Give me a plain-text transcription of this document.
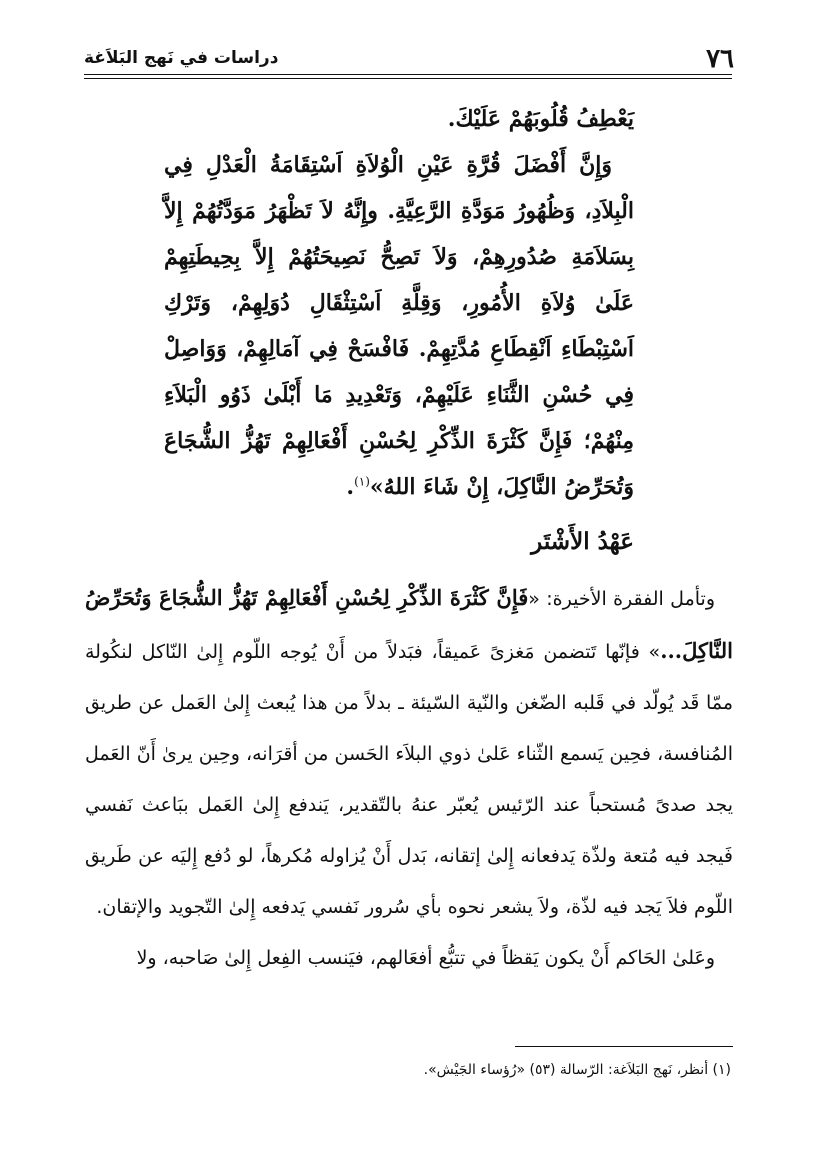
٧٦
دراسات في نَهج البَلاَغة

يَعْطِفُ قُلُوبَهُمْ عَلَيْكَ.

وَإِنَّ أَفْضَلَ قُرَّةِ عَيْنِ الْوُلاَةِ اَسْتِقَامَةُ الْعَدْلِ فِي الْبِلاَدِ، وَظُهُورُ مَوَدَّةِ الرَّعِيَّةِ. وإِنَّهُ لاَ تَظْهَرُ مَوَدَّتُهُمْ إِلاَّ بِسَلاَمَةِ صُدُورِهِمْ، وَلاَ تَصِحُّ نَصِيحَتُهُمْ إِلاَّ بِحِيطَتِهِمْ عَلَىٰ وُلاَةِ الأُمُورِ، وَقِلَّةِ اَسْتِثْقَالِ دُوَلِهِمْ، وَتَرْكِ اَسْتِبْطَاءِ اَنْقِطَاعِ مُدَّتِهِمْ. فَافْسَحْ فِي آمَالِهِمْ، وَوَاصِلْ فِي حُسْنِ الثَّنَاءِ عَلَيْهِمْ، وَتَعْدِيدِ مَا أَبْلَىٰ ذَوُو الْبَلاَءِ مِنْهُمْ؛ فَإِنَّ كَثْرَةَ الذِّكْرِ لِحُسْنِ أَفْعَالِهِمْ تَهُزُّ الشُّجَاعَ وَتُحَرِّضُ النَّاكِلَ، إِنْ شَاءَ اللهُ»$^{(١)}$.

عَهْدُ الأَشْتَر

وتأمل الفقرة الأخيرة: «فَإِنَّ كَثْرَةَ الذِّكْرِ لِحُسْنِ أَفْعَالِهِمْ تَهُزُّ الشُّجَاعَ وَتُحَرِّضُ النَّاكِلَ...» فإنّها تَتضمن مَغزىً عَميقاً، فبَدلاً من أَنْ يُوجه اللّوم إِلىٰ النّاكل لنكُولة ممّا قَد يُولّد في قَلبه الضّغن والنّية السّيئة ـ بدلاً من هذا يُبعث إِلىٰ العَمل عن طريق المُنافسة، فحِين يَسمع الثّناء عَلىٰ ذوي البلاَء الحَسن من أقرَانه، وحِين يرىٰ أَنّ العَمل يجد صدىً مُستحباً عند الرّئيس يُعبّر عنهُ بالتّقدير، يَندفع إِلىٰ العَمل ببَاعث نَفسي فَيجد فيه مُتعة ولذّة يَدفعانه إِلىٰ إتقانه، بَدل أَنْ يُزاوله مُكرهاً، لو دُفع إِليَه عن طَريق اللّوم فلاَ يَجد فيه لذّة، ولاَ يشعر نحوه بأي سُرور نَفسي يَدفعه إِلىٰ التّجويد والإتقان.

وعَلىٰ الحَاكم أَنْ يكون يَقظاً في تتبُّع أفعَالهم، فيَنسب الفِعل إِلىٰ صَاحبه، ولا

(١) أنظر، نَهج البَلاَغة: الرّسالة (٥٣) «رُؤساء الجَيْش».
